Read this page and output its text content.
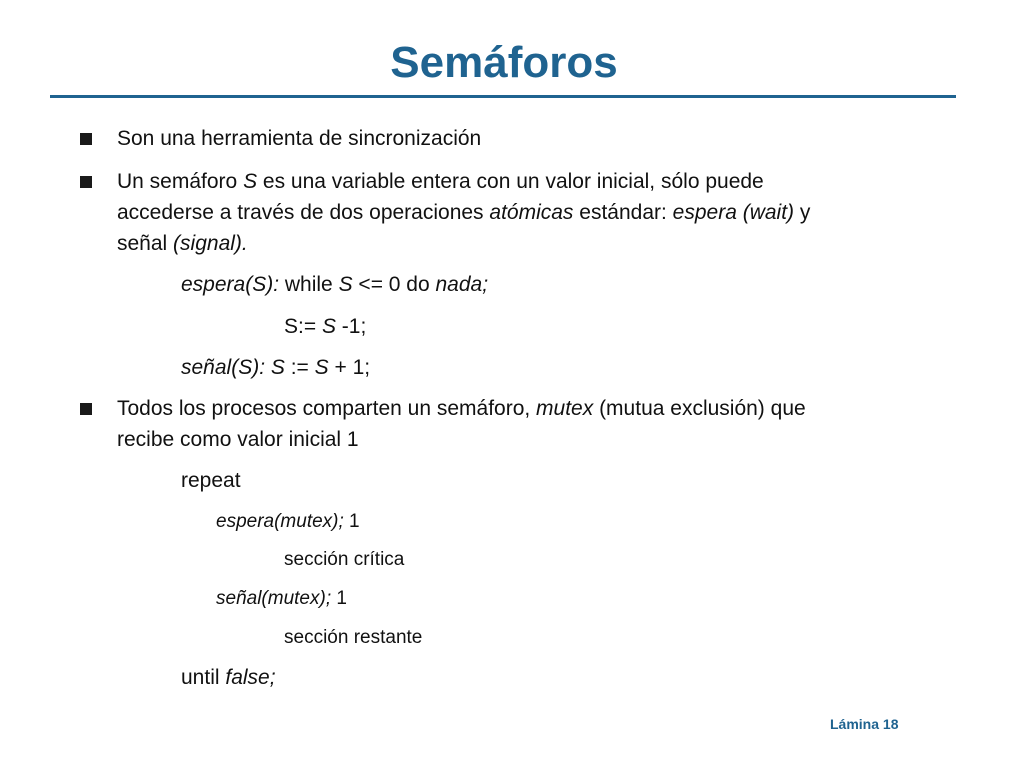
Semáforos
Son una herramienta de sincronización
Un semáforo S es una variable entera con un valor inicial, sólo puede
accederse a través de dos operaciones atómicas estándar: espera (wait) y
señal (signal).
espera(S): while S <= 0 do nada;
S:= S -1;
señal(S): S := S + 1;
Todos los procesos comparten un semáforo, mutex (mutua exclusión) que
recibe como valor inicial 1
repeat
espera(mutex); 1
sección crítica
señal(mutex); 1
sección restante
until false;
Lámina 18
